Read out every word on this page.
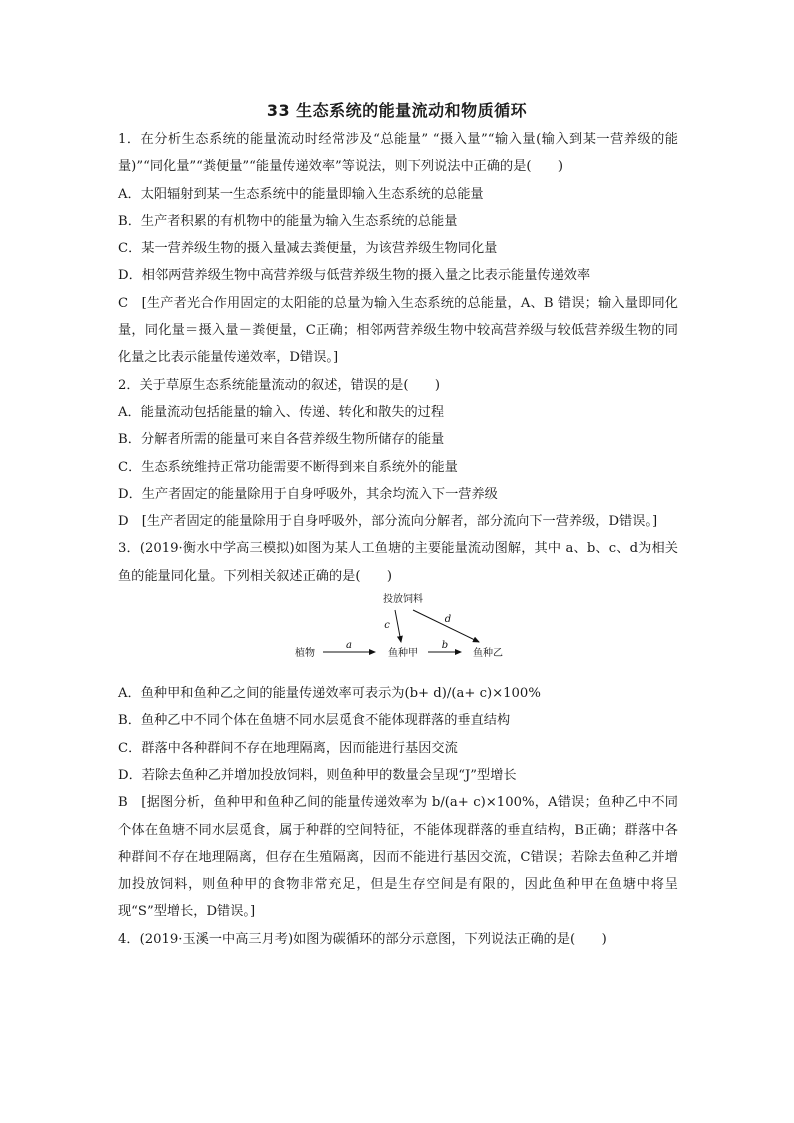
33 生态系统的能量流动和物质循环

1．在分析生态系统的能量流动时经常涉及“总能量” “摄入量”“输入量(输入到某一营养级的能量)”“同化量”“粪便量”“能量传递效率”等说法，则下列说法中正确的是(　　)

A．太阳辐射到某一生态系统中的能量即输入生态系统的总能量

B．生产者积累的有机物中的能量为输入生态系统的总能量

C．某一营养级生物的摄入量减去粪便量，为该营养级生物同化量

D．相邻两营养级生物中高营养级与低营养级生物的摄入量之比表示能量传递效率

C　[生产者光合作用固定的太阳能的总量为输入生态系统的总能量，A、B 错误；输入量即同化量，同化量＝摄入量－粪便量，C正确；相邻两营养级生物中较高营养级与较低营养级生物的同化量之比表示能量传递效率，D错误。]

2．关于草原生态系统能量流动的叙述，错误的是(　　)

A．能量流动包括能量的输入、传递、转化和散失的过程

B．分解者所需的能量可来自各营养级生物所储存的能量

C．生态系统维持正常功能需要不断得到来自系统外的能量

D．生产者固定的能量除用于自身呼吸外，其余均流入下一营养级

D　[生产者固定的能量除用于自身呼吸外，部分流向分解者，部分流向下一营养级，D错误。]

3．(2019·衡水中学高三模拟)如图为某人工鱼塘的主要能量流动图解，其中 a、b、c、d为相关鱼的能量同化量。下列相关叙述正确的是(　　)

投放饲料
植物	鱼种甲	鱼种乙
a	b
c
d

A．鱼种甲和鱼种乙之间的能量传递效率可表示为(b+ d)/(a+ c)×100%

B．鱼种乙中不同个体在鱼塘不同水层觅食不能体现群落的垂直结构

C．群落中各种群间不存在地理隔离，因而能进行基因交流

D．若除去鱼种乙并增加投放饲料，则鱼种甲的数量会呈现“J”型增长

B　[据图分析，鱼种甲和鱼种乙间的能量传递效率为 b/(a+ c)×100%，A错误；鱼种乙中不同个体在鱼塘不同水层觅食，属于种群的空间特征，不能体现群落的垂直结构，B正确；群落中各种群间不存在地理隔离，但存在生殖隔离，因而不能进行基因交流，C错误；若除去鱼种乙并增加投放饲料，则鱼种甲的食物非常充足，但是生存空间是有限的，因此鱼种甲在鱼塘中将呈现“S”型增长，D错误。]

4．(2019·玉溪一中高三月考)如图为碳循环的部分示意图，下列说法正确的是(　　)
